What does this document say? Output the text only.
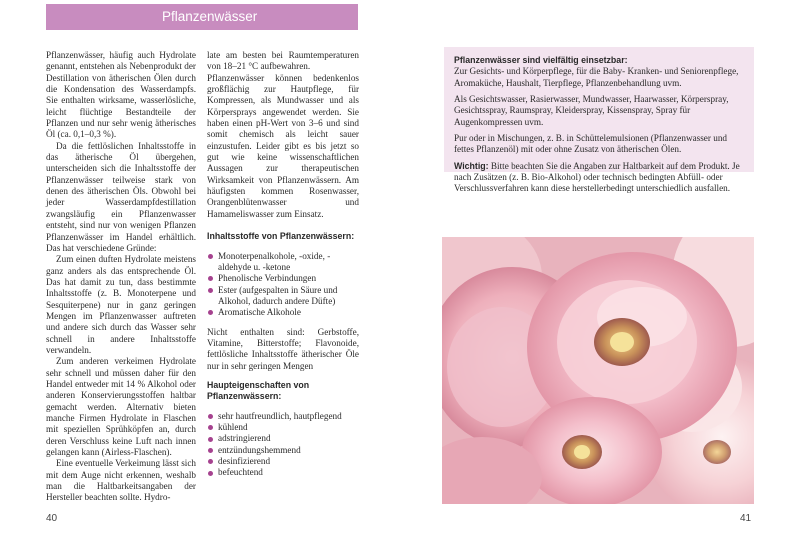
Pflanzenwässer

Pflanzenwässer, häufig auch Hydrolate genannt, entstehen als Nebenprodukt der Destillation von ätherischen Ölen durch die Kondensation des Wasserdampfs. Sie enthalten wirksame, wasserlösliche, leicht flüchtige Bestandteile der Pflanzen und nur sehr wenig ätherisches Öl (ca. 0,1–0,3 %).

Da die fettlöslichen Inhaltsstoffe in das ätherische Öl übergehen, unterscheiden sich die Inhaltsstoffe der Pflanzenwässer teilweise stark von denen des ätherischen Öls. Obwohl bei jeder Wasserdampfdestillation zwangsläufig ein Pflanzenwasser entsteht, sind nur von wenigen Pflanzen Pflanzenwässer im Handel erhältlich. Das hat verschiedene Gründe:

Zum einen duften Hydrolate meistens ganz anders als das entsprechende Öl. Das hat damit zu tun, dass bestimmte Inhaltsstoffe (z. B. Monoterpene und Sesquiterpene) nur in ganz geringen Mengen im Pflanzenwasser auftreten und andere sich durch das Wasser sehr schnell in andere Inhaltsstoffe verwandeln.

Zum anderen verkeimen Hydrolate sehr schnell und müssen daher für den Handel entweder mit 14 % Alkohol oder anderen Konservierungsstoffen haltbar gemacht werden. Alternativ bieten manche Firmen Hydrolate in Flaschen mit speziellen Sprühköpfen an, durch deren Verschluss keine Luft nach innen gelangen kann (Airless-Flaschen).

Eine eventuelle Verkeimung lässt sich mit dem Auge nicht erkennen, weshalb man die Haltbarkeitsangaben der Hersteller beachten sollte. Hydro-

late am besten bei Raumtemperaturen von 18–21 °C aufbewahren.

Pflanzenwässer können bedenkenlos großflächig zur Hautpflege, für Kompressen, als Mundwasser und als Körpersprays angewendet werden. Sie haben einen pH-Wert von 3–6 und sind somit chemisch als leicht sauer einzustufen. Leider gibt es bis jetzt so gut wie keine wissenschaftlichen Aussagen zur therapeutischen Wirksamkeit von Pflanzenwässern. Am häufigsten kommen Rosenwasser, Orangenblütenwasser und Hamameliswasser zum Einsatz.

Inhaltsstoffe von Pflanzenwässern:

Monoterpenalkohole, -oxide, -aldehyde u. -ketone
Phenolische Verbindungen
Ester (aufgespalten in Säure und Alkohol, dadurch andere Düfte)
Aromatische Alkohole

Nicht enthalten sind: Gerbstoffe, Vitamine, Bitterstoffe; Flavonoide, fettlösliche Inhaltsstoffe ätherischer Öle nur in sehr geringen Mengen

Haupteigenschaften von Pflanzenwässern:

sehr hautfreundlich, hautpflegend
kühlend
adstringierend
entzündungshemmend
desinfizierend
befeuchtend
40

Pflanzenwässer sind vielfältig einsetzbar:
Zur Gesichts- und Körperpflege, für die Baby- Kranken- und Seniorenpflege, Aromaküche, Haushalt, Tierpflege, Pflanzenbehandlung uvm.

Als Gesichtswasser, Rasierwasser, Mundwasser, Haarwasser, Körperspray, Gesichtsspray, Raumspray, Kleiderspray, Kissenspray, Spray für Augenkompressen uvm.

Pur oder in Mischungen, z. B. in Schüttelemulsionen (Pflanzenwasser und fettes Pflanzenöl) mit oder ohne Zusatz von ätherischen Ölen.

Wichtig: Bitte beachten Sie die Angaben zur Haltbarkeit auf dem Produkt. Je nach Zusätzen (z. B. Bio-Alkohol) oder technisch bedingten Abfüll- oder Verschlussverfahren kann diese herstellerbedingt unterschiedlich ausfallen.

41
